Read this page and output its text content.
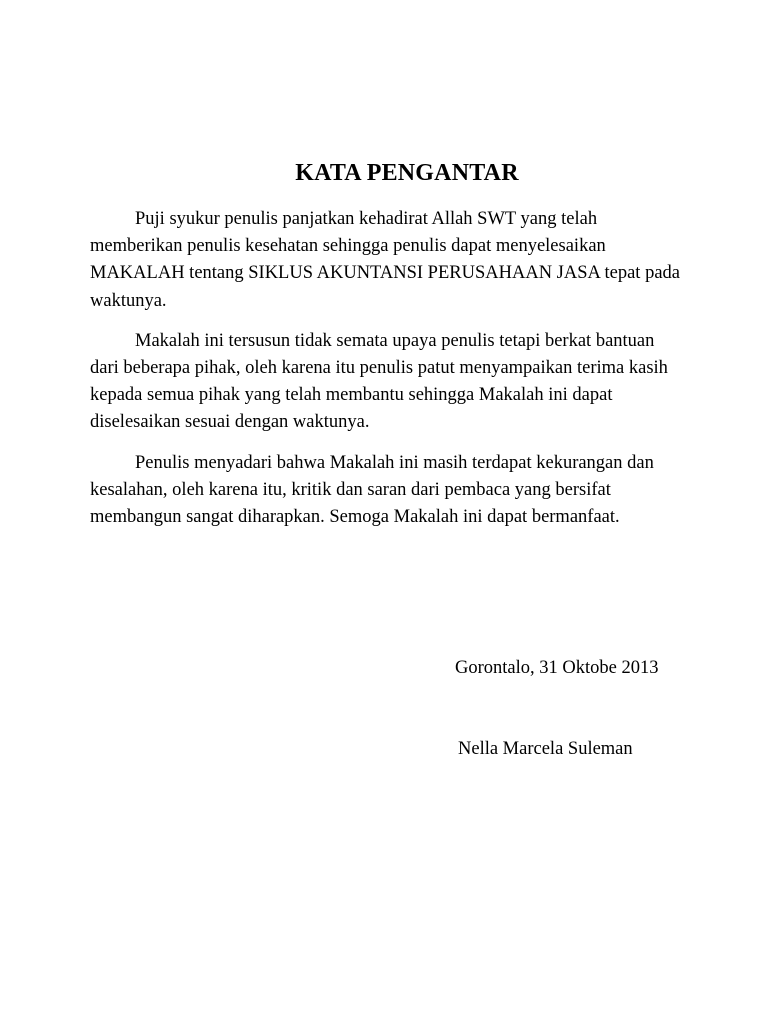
KATA PENGANTAR

Puji syukur penulis panjatkan kehadirat Allah SWT yang telah memberikan penulis kesehatan sehingga penulis dapat menyelesaikan MAKALAH tentang SIKLUS AKUNTANSI PERUSAHAAN JASA tepat pada waktunya.

Makalah ini tersusun tidak semata upaya penulis tetapi berkat bantuan dari beberapa pihak, oleh karena itu penulis patut menyampaikan terima kasih kepada semua pihak yang telah membantu sehingga Makalah ini dapat diselesaikan sesuai dengan waktunya.

Penulis menyadari bahwa Makalah ini masih terdapat kekurangan dan kesalahan, oleh karena itu, kritik dan saran dari pembaca yang bersifat membangun sangat diharapkan. Semoga Makalah ini dapat bermanfaat.

Gorontalo, 31 Oktobe 2013

Nella Marcela Suleman
